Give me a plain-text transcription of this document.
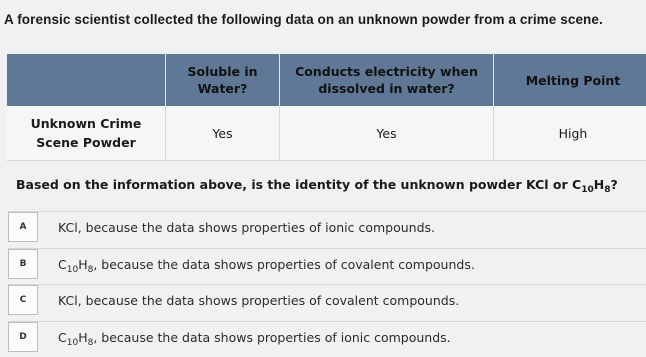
A forensic scientist collected the following data on an unknown powder from a crime scene.
	Soluble in Water?	Conducts electricity when dissolved in water?	Melting Point
Unknown Crime Scene Powder	Yes	Yes	High
Based on the information above, is the identity of the unknown powder KCl or $C_{10}H_8$?
A	KCl, because the data shows properties of ionic compounds.
B	$C_{10}H_8$, because the data shows properties of covalent compounds.
C	KCl, because the data shows properties of covalent compounds.
D	$C_{10}H_8$, because the data shows properties of ionic compounds.
